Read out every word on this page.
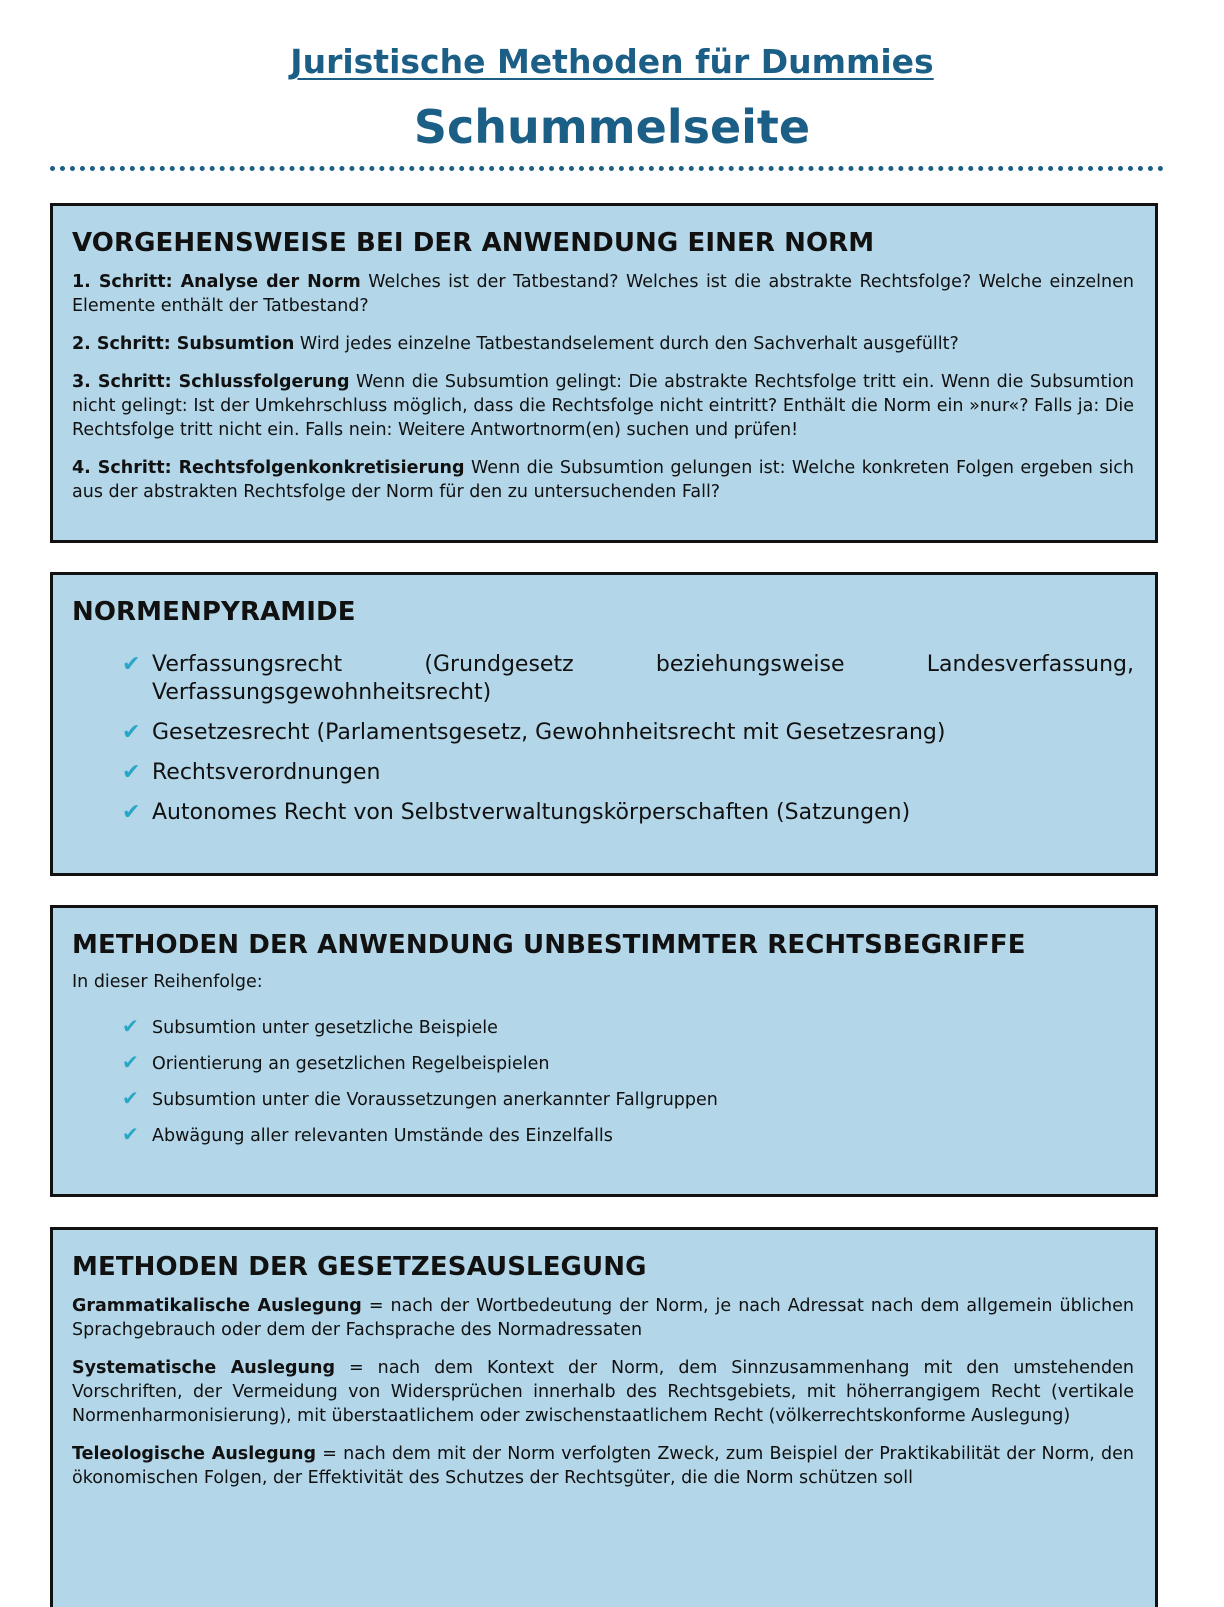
Juristische Methoden für Dummies
Schummelseite
VORGEHENSWEISE BEI DER ANWENDUNG EINER NORM

1. Schritt: Analyse der Norm Welches ist der Tatbestand? Welches ist die abstrakte Rechtsfolge? Welche einzelnen Elemente enthält der Tatbestand?

2. Schritt: Subsumtion Wird jedes einzelne Tatbestandselement durch den Sachverhalt ausgefüllt?

3. Schritt: Schlussfolgerung Wenn die Subsumtion gelingt: Die abstrakte Rechtsfolge tritt ein. Wenn die Subsumtion nicht gelingt: Ist der Umkehrschluss möglich, dass die Rechtsfolge nicht eintritt? Enthält die Norm ein »nur«? Falls ja: Die Rechtsfolge tritt nicht ein. Falls nein: Weitere Antwortnorm(en) suchen und prüfen!

4. Schritt: Rechtsfolgenkonkretisierung Wenn die Subsumtion gelungen ist: Welche konkreten Folgen ergeben sich aus der abstrakten Rechtsfolge der Norm für den zu untersuchenden Fall?

NORMENPYRAMIDE
✔ Verfassungsrecht (Grundgesetz beziehungsweise Landesverfassung, Verfassungsgewohnheitsrecht)
✔ Gesetzesrecht (Parlamentsgesetz, Gewohnheitsrecht mit Gesetzesrang)
✔ Rechtsverordnungen
✔ Autonomes Recht von Selbstverwaltungskörperschaften (Satzungen)
METHODEN DER ANWENDUNG UNBESTIMMTER RECHTSBEGRIFFE

In dieser Reihenfolge:

✔ Subsumtion unter gesetzliche Beispiele
✔ Orientierung an gesetzlichen Regelbeispielen
✔ Subsumtion unter die Voraussetzungen anerkannter Fallgruppen
✔ Abwägung aller relevanten Umstände des Einzelfalls
METHODEN DER GESETZESAUSLEGUNG

Grammatikalische Auslegung = nach der Wortbedeutung der Norm, je nach Adressat nach dem allgemein üblichen Sprachgebrauch oder dem der Fachsprache des Normadressaten

Systematische Auslegung = nach dem Kontext der Norm, dem Sinnzusammenhang mit den umstehenden Vorschriften, der Vermeidung von Widersprüchen innerhalb des Rechtsgebiets, mit höherrangigem Recht (vertikale Normenharmonisierung), mit überstaatlichem oder zwischenstaatlichem Recht (völkerrechtskonforme Auslegung)

Teleologische Auslegung = nach dem mit der Norm verfolgten Zweck, zum Beispiel der Praktikabilität der Norm, den ökonomischen Folgen, der Effektivität des Schutzes der Rechtsgüter, die die Norm schützen soll
